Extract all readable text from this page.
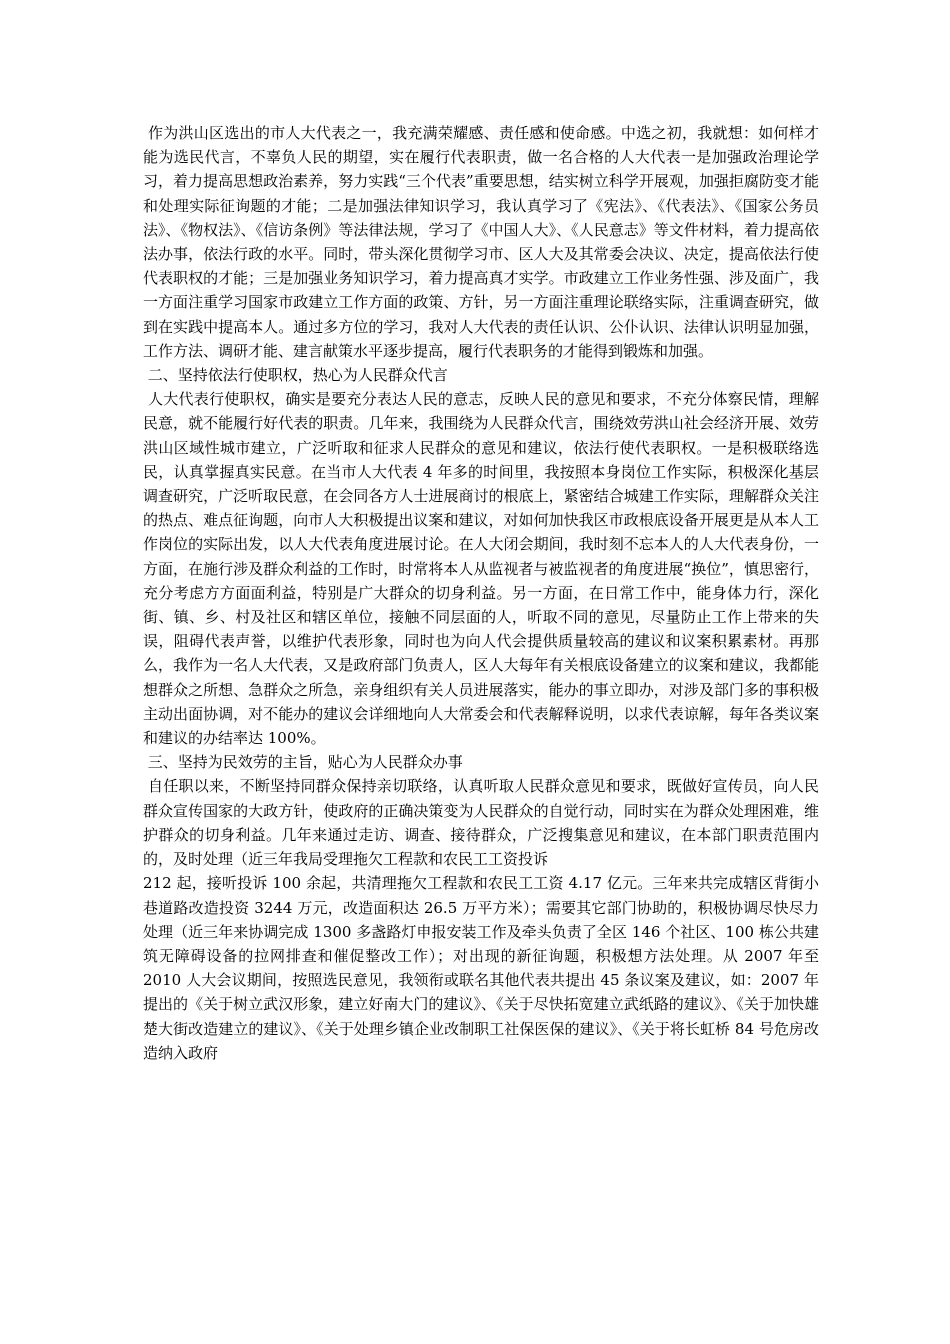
作为洪山区选出的市人大代表之一，我充满荣耀感、责任感和使命感。中选之初，我就想：如何样才能为选民代言，不辜负人民的期望，实在履行代表职责，做一名合格的人大代表一是加强政治理论学习，着力提高思想政治素养，努力实践“三个代表”重要思想，结实树立科学开展观，加强拒腐防变才能和处理实际征询题的才能；二是加强法律知识学习，我认真学习了《宪法》、《代表法》、《国家公务员法》、《物权法》、《信访条例》等法律法规，学习了《中国人大》、《人民意志》等文件材料，着力提高依法办事，依法行政的水平。同时，带头深化贯彻学习市、区人大及其常委会决议、决定，提高依法行使代表职权的才能；三是加强业务知识学习，着力提高真才实学。市政建立工作业务性强、涉及面广，我一方面注重学习国家市政建立工作方面的政策、方针，另一方面注重理论联络实际，注重调查研究，做到在实践中提高本人。通过多方位的学习，我对人大代表的责任认识、公仆认识、法律认识明显加强，工作方法、调研才能、建言献策水平逐步提高，履行代表职务的才能得到锻炼和加强。

二、坚持依法行使职权，热心为人民群众代言

人大代表行使职权，确实是要充分表达人民的意志，反映人民的意见和要求，不充分体察民情，理解民意，就不能履行好代表的职责。几年来，我围绕为人民群众代言，围绕效劳洪山社会经济开展、效劳洪山区域性城市建立，广泛听取和征求人民群众的意见和建议，依法行使代表职权。一是积极联络选民，认真掌握真实民意。在当市人大代表 4 年多的时间里，我按照本身岗位工作实际，积极深化基层调查研究，广泛听取民意，在会同各方人士进展商讨的根底上，紧密结合城建工作实际，理解群众关注的热点、难点征询题，向市人大积极提出议案和建议，对如何加快我区市政根底设备开展更是从本人工作岗位的实际出发，以人大代表角度进展讨论。在人大闭会期间，我时刻不忘本人的人大代表身份，一方面，在施行涉及群众利益的工作时，时常将本人从监视者与被监视者的角度进展“换位”，慎思密行，充分考虑方方面面利益，特别是广大群众的切身利益。另一方面，在日常工作中，能身体力行，深化街、镇、乡、村及社区和辖区单位，接触不同层面的人，听取不同的意见，尽量防止工作上带来的失误，阻碍代表声誉，以维护代表形象，同时也为向人代会提供质量较高的建议和议案积累素材。再那么，我作为一名人大代表，又是政府部门负责人，区人大每年有关根底设备建立的议案和建议，我都能想群众之所想、急群众之所急，亲身组织有关人员进展落实，能办的事立即办，对涉及部门多的事积极主动出面协调，对不能办的建议会详细地向人大常委会和代表解释说明，以求代表谅解，每年各类议案和建议的办结率达 100%。

三、坚持为民效劳的主旨，贴心为人民群众办事

自任职以来，不断坚持同群众保持亲切联络，认真听取人民群众意见和要求，既做好宣传员，向人民群众宣传国家的大政方针，使政府的正确决策变为人民群众的自觉行动，同时实在为群众处理困难，维护群众的切身利益。几年来通过走访、调查、接待群众，广泛搜集意见和建议，在本部门职责范围内的，及时处理（近三年我局受理拖欠工程款和农民工工资投诉

212 起，接听投诉 100 余起，共清理拖欠工程款和农民工工资 4.17 亿元。三年来共完成辖区背街小巷道路改造投资 3244 万元，改造面积达 26.5 万平方米）；需要其它部门协助的，积极协调尽快尽力处理（近三年来协调完成 1300 多盏路灯申报安装工作及牵头负责了全区 146 个社区、100 栋公共建筑无障碍设备的拉网排查和催促整改工作）；对出现的新征询题，积极想方法处理。从 2007 年至 2010 人大会议期间，按照选民意见，我领衔或联名其他代表共提出 45 条议案及建议，如：2007 年提出的《关于树立武汉形象，建立好南大门的建议》、《关于尽快拓宽建立武纸路的建议》、《关于加快雄楚大街改造建立的建议》、《关于处理乡镇企业改制职工社保医保的建议》、《关于将长虹桥 84 号危房改造纳入政府
